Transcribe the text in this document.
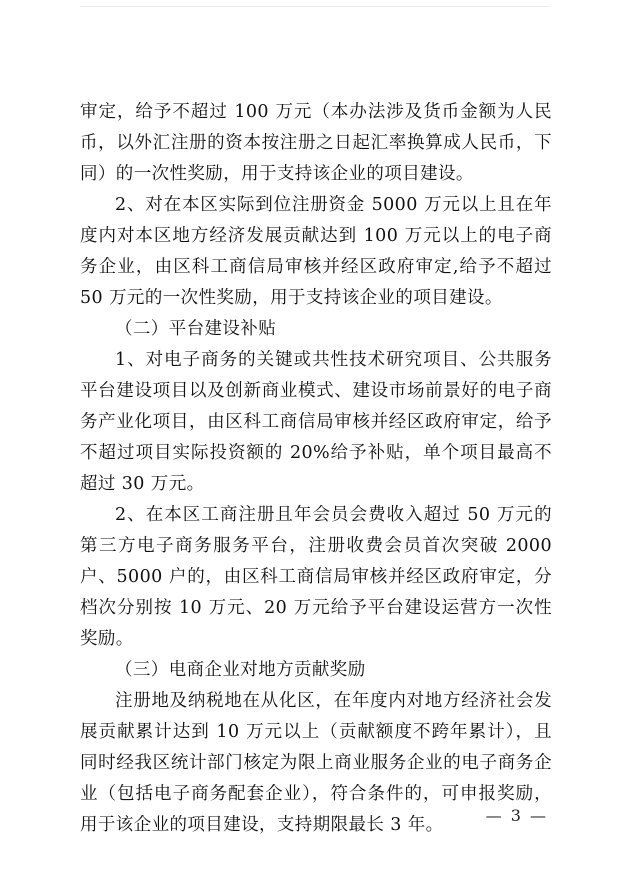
审定，给予不超过 100 万元（本办法涉及货币金额为人民币，以外汇注册的资本按注册之日起汇率换算成人民币，下同）的一次性奖励，用于支持该企业的项目建设。

2、对在本区实际到位注册资金 5000 万元以上且在年度内对本区地方经济发展贡献达到 100 万元以上的电子商务企业，由区科工商信局审核并经区政府审定,给予不超过 50 万元的一次性奖励，用于支持该企业的项目建设。

（二）平台建设补贴

1、对电子商务的关键或共性技术研究项目、公共服务平台建设项目以及创新商业模式、建设市场前景好的电子商务产业化项目，由区科工商信局审核并经区政府审定，给予不超过项目实际投资额的 20%给予补贴，单个项目最高不超过 30 万元。

2、在本区工商注册且年会员会费收入超过 50 万元的第三方电子商务服务平台，注册收费会员首次突破 2000 户、5000 户的，由区科工商信局审核并经区政府审定，分档次分别按 10 万元、20 万元给予平台建设运营方一次性奖励。

（三）电商企业对地方贡献奖励

注册地及纳税地在从化区，在年度内对地方经济社会发展贡献累计达到 10 万元以上（贡献额度不跨年累计），且同时经我区统计部门核定为限上商业服务企业的电子商务企业（包括电子商务配套企业），符合条件的，可申报奖励，用于该企业的项目建设，支持期限最长 3 年。	— 3 —
